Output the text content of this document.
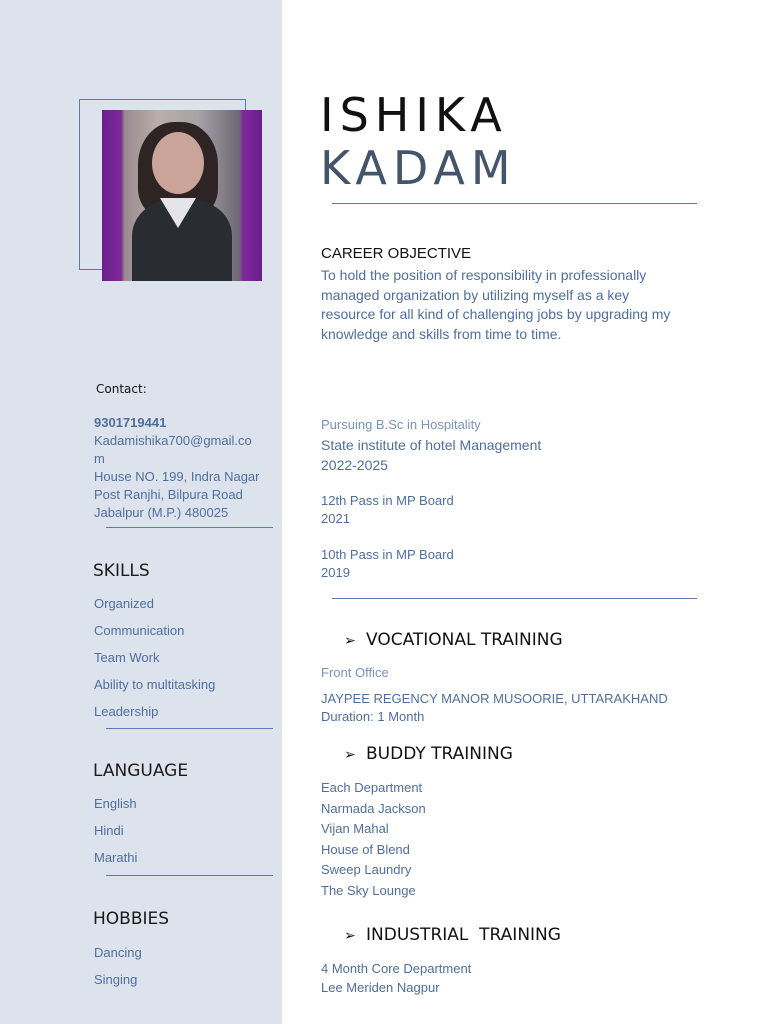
Contact:
9301719441
Kadamishika700@gmail.co
m
House NO. 199, Indra Nagar
Post Ranjhi, Bilpura Road
Jabalpur (M.P.) 480025
SKILLS
Organized
Communication
Team Work
Ability to multitasking
Leadership
LANGUAGE
English
Hindi
Marathi
HOBBIES
Dancing
Singing
ISHIKA
KADAM
CAREER OBJECTIVE
To hold the position of responsibility in professionally managed organization by utilizing myself as a key resource for all kind of challenging jobs by upgrading my knowledge and skills from time to time.
Pursuing B.Sc in Hospitality
State institute of hotel Management
2022-2025
12th Pass in MP Board
2021
10th Pass in MP Board
2019
➢ VOCATIONAL TRAINING
Front Office
JAYPEE REGENCY MANOR MUSOORIE, UTTARAKHAND
Duration: 1 Month
➢ BUDDY TRAINING
Each Department
Narmada Jackson
Vijan Mahal
House of Blend
Sweep Laundry
The Sky Lounge
➢ INDUSTRIAL  TRAINING
4 Month Core Department
Lee Meriden Nagpur
